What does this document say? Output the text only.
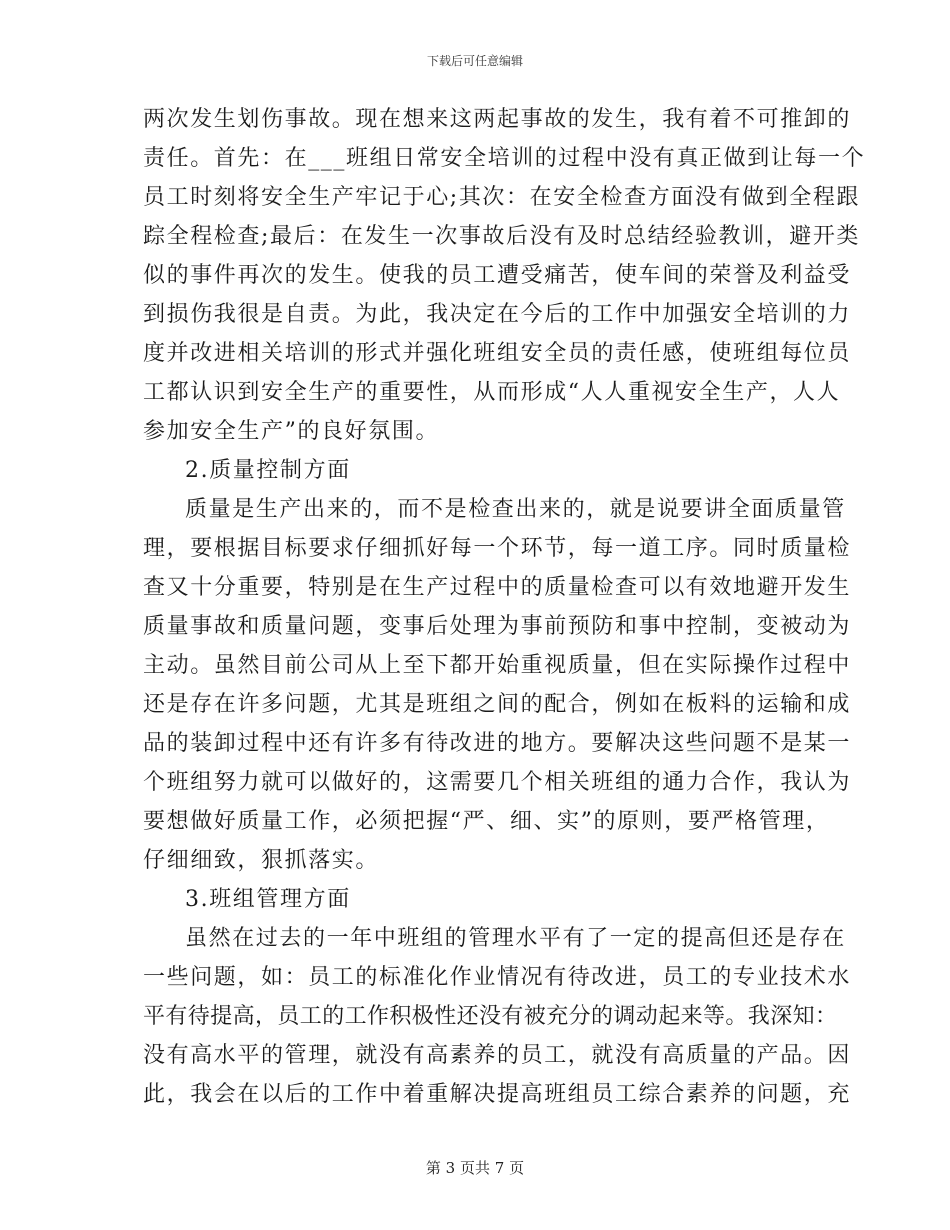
下载后可任意编辑
两次发生划伤事故。现在想来这两起事故的发生，我有着不可推卸的
责任。首先：在___班组日常安全培训的过程中没有真正做到让每一个
员工时刻将安全生产牢记于心;其次：在安全检查方面没有做到全程跟
踪全程检查;最后：在发生一次事故后没有及时总结经验教训，避开类
似的事件再次的发生。使我的员工遭受痛苦，使车间的荣誉及利益受
到损伤我很是自责。为此，我决定在今后的工作中加强安全培训的力
度并改进相关培训的形式并强化班组安全员的责任感，使班组每位员
工都认识到安全生产的重要性，从而形成“人人重视安全生产，人人
参加安全生产”的良好氛围。
2.质量控制方面
质量是生产出来的，而不是检查出来的，就是说要讲全面质量管
理，要根据目标要求仔细抓好每一个环节，每一道工序。同时质量检
查又十分重要，特别是在生产过程中的质量检查可以有效地避开发生
质量事故和质量问题，变事后处理为事前预防和事中控制，变被动为
主动。虽然目前公司从上至下都开始重视质量，但在实际操作过程中
还是存在许多问题，尤其是班组之间的配合，例如在板料的运输和成
品的装卸过程中还有许多有待改进的地方。要解决这些问题不是某一
个班组努力就可以做好的，这需要几个相关班组的通力合作，我认为
要想做好质量工作，必须把握“严、细、实”的原则，要严格管理，
仔细细致，狠抓落实。
3.班组管理方面
虽然在过去的一年中班组的管理水平有了一定的提高但还是存在
一些问题，如：员工的标准化作业情况有待改进，员工的专业技术水
平有待提高，员工的工作积极性还没有被充分的调动起来等。我深知：
没有高水平的管理，就没有高素养的员工，就没有高质量的产品。因
此，我会在以后的工作中着重解决提高班组员工综合素养的问题，充
第 3 页共 7 页
